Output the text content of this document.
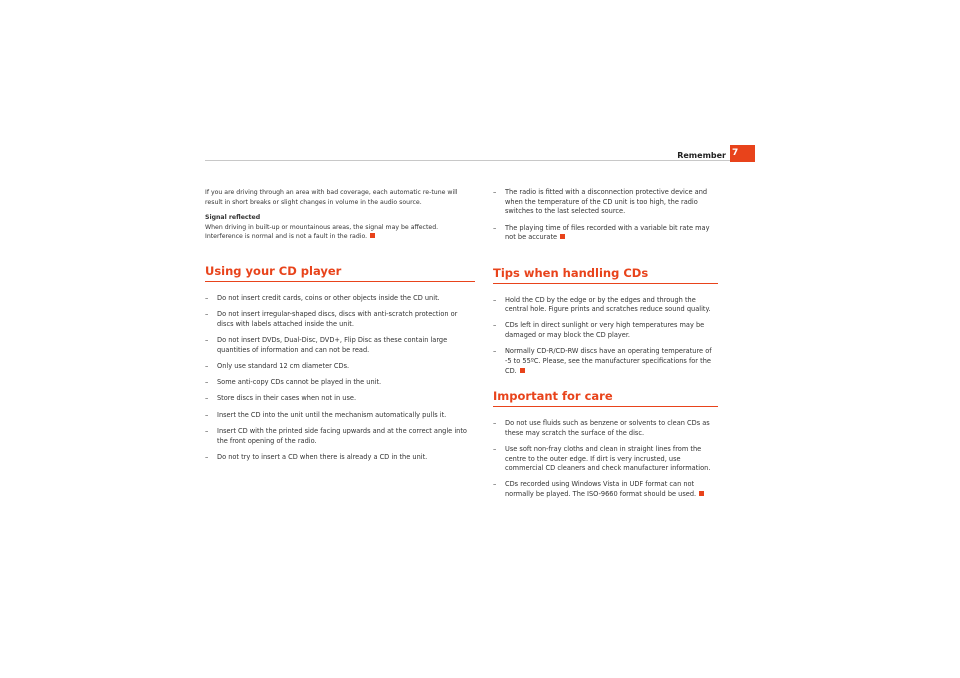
Remember 7

If you are driving through an area with bad coverage, each automatic re-tune will result in short breaks or slight changes in volume in the audio source.

Signal reflected

When driving in built-up or mountainous areas, the signal may be affected. Interference is normal and is not a fault in the radio.

Using your CD player
– Do not insert credit cards, coins or other objects inside the CD unit.
– Do not insert irregular-shaped discs, discs with anti-scratch protection or discs with labels attached inside the unit.
– Do not insert DVDs, Dual-Disc, DVD+, Flip Disc as these contain large quantities of information and can not be read.
– Only use standard 12 cm diameter CDs.
– Some anti-copy CDs cannot be played in the unit.
– Store discs in their cases when not in use.
– Insert the CD into the unit until the mechanism automatically pulls it.
– Insert CD with the printed side facing upwards and at the correct angle into the front opening of the radio.
– Do not try to insert a CD when there is already a CD in the unit.
– The radio is fitted with a disconnection protective device and when the temperature of the CD unit is too high, the radio switches to the last selected source.
– The playing time of files recorded with a variable bit rate may not be accurate
Tips when handling CDs
– Hold the CD by the edge or by the edges and through the central hole. Figure prints and scratches reduce sound quality.
– CDs left in direct sunlight or very high temperatures may be damaged or may block the CD player.
– Normally CD-R/CD-RW discs have an operating temperature of -5 to 55ºC. Please, see the manufacturer specifications for the CD.
Important for care
– Do not use fluids such as benzene or solvents to clean CDs as these may scratch the surface of the disc.
– Use soft non-fray cloths and clean in straight lines from the centre to the outer edge. If dirt is very incrusted, use commercial CD cleaners and check manufacturer information.
– CDs recorded using Windows Vista in UDF format can not normally be played. The ISO-9660 format should be used.
